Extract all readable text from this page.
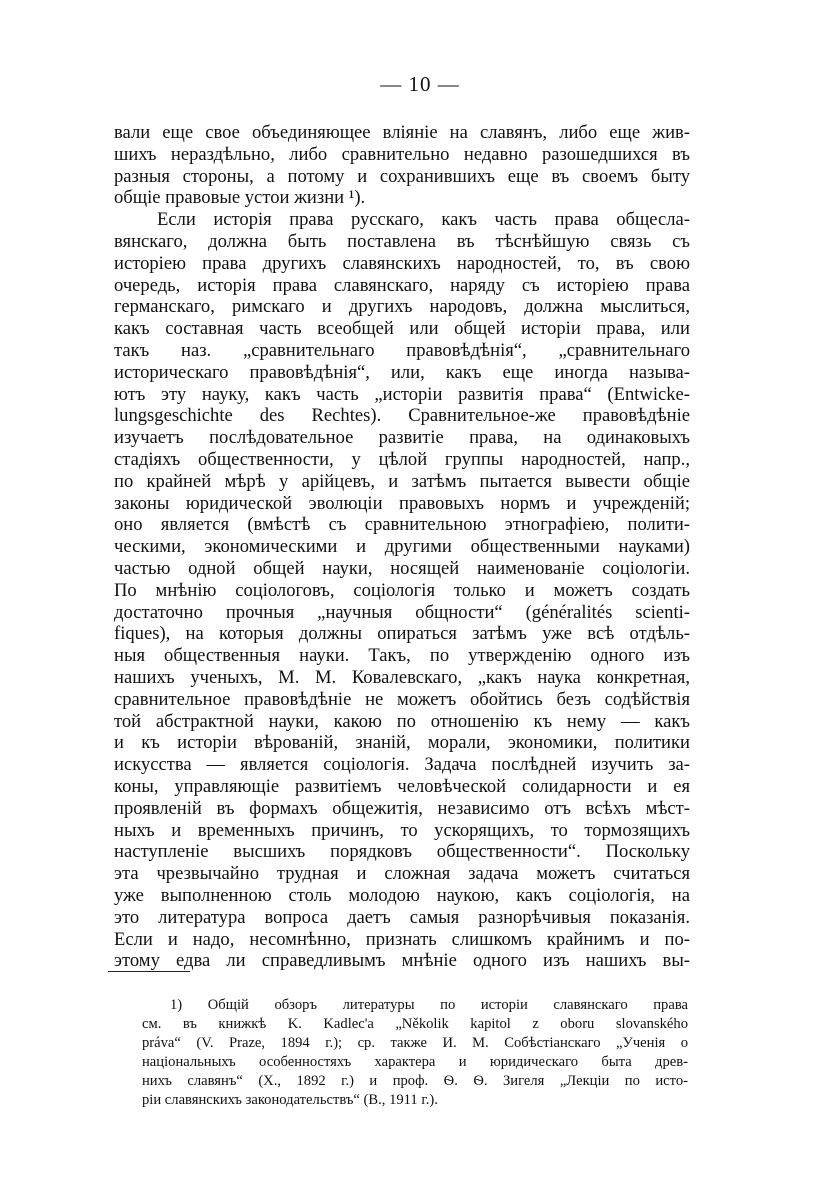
— 10 —
вали еще свое объединяющее вліяніе на славянъ, либо еще жив-
шихъ нераздѣльно, либо сравнительно недавно разошедшихся въ
разныя стороны, а потому и сохранившихъ еще въ своемъ быту
общіе правовые устои жизни ¹).
Если исторія права русскаго, какъ часть права общесла-
вянскаго, должна быть поставлена въ тѣснѣйшую связь съ
исторіею права другихъ славянскихъ народностей, то, въ свою
очередь, исторія права славянскаго, наряду съ исторіею права
германскаго, римскаго и другихъ народовъ, должна мыслиться,
какъ составная часть всеобщей или общей исторіи права, или
такъ наз. „сравнительнаго правовѣдѣнія“, „сравнительнаго
историческаго правовѣдѣнія“, или, какъ еще иногда называ-
ютъ эту науку, какъ часть „исторіи развитія права“ (Entwicke-
lungsgeschichte des Rechtes). Сравнительное-же правовѣдѣніе
изучаетъ послѣдовательное развитіе права, на одинаковыхъ
стадіяхъ общественности, у цѣлой группы народностей, напр.,
по крайней мѣрѣ у арійцевъ, и затѣмъ пытается вывести общіе
законы юридической эволюціи правовыхъ нормъ и учрежденій;
оно является (вмѣстѣ съ сравнительною этнографіею, полити-
ческими, экономическими и другими общественными науками)
частью одной общей науки, носящей наименованіе соціологіи.
По мнѣнію соціологовъ, соціологія только и можетъ создать
достаточно прочныя „научныя общности“ (généralités scienti-
fiques), на которыя должны опираться затѣмъ уже всѣ отдѣль-
ныя общественныя науки. Такъ, по утвержденію одного изъ
нашихъ ученыхъ, М. М. Ковалевскаго, „какъ наука конкретная,
сравнительное правовѣдѣніе не можетъ обойтись безъ содѣйствія
той абстрактной науки, какою по отношенію къ нему — какъ
и къ исторіи вѣрованій, знаній, морали, экономики, политики
искусства — является соціологія. Задача послѣдней изучить за-
коны, управляющіе развитіемъ человѣческой солидарности и ея
проявленій въ формахъ общежитія, независимо отъ всѣхъ мѣст-
ныхъ и временныхъ причинъ, то ускорящихъ, то тормозящихъ
наступленіе высшихъ порядковъ общественности“. Поскольку
эта чрезвычайно трудная и сложная задача можетъ считаться
уже выполненною столь молодою наукою, какъ соціологія, на
1) Общій обзоръ литературы по исторіи славянскаго права
см. въ книжкѣ K. Kadlec'a „Několik kapitol z oboru slovanského
práva“ (V. Praze, 1894 г.); ср. также И. М. Собѣстіанскаго „Ученія о
національныхъ особенностяхъ характера и юридическаго быта древ-
нихъ славянъ“ (X., 1892 г.) и проф. Ѳ. Ѳ. Зигеля „Лекціи по исто-
ріи славянскихъ законодательствъ“ (В., 1911 г.).
это литература вопроса даетъ самыя разнорѣчивыя показанія.
Если и надо, несомнѣнно, признать слишкомъ крайнимъ и по-
этому едва ли справедливымъ мнѣніе одного изъ нашихъ вы-
